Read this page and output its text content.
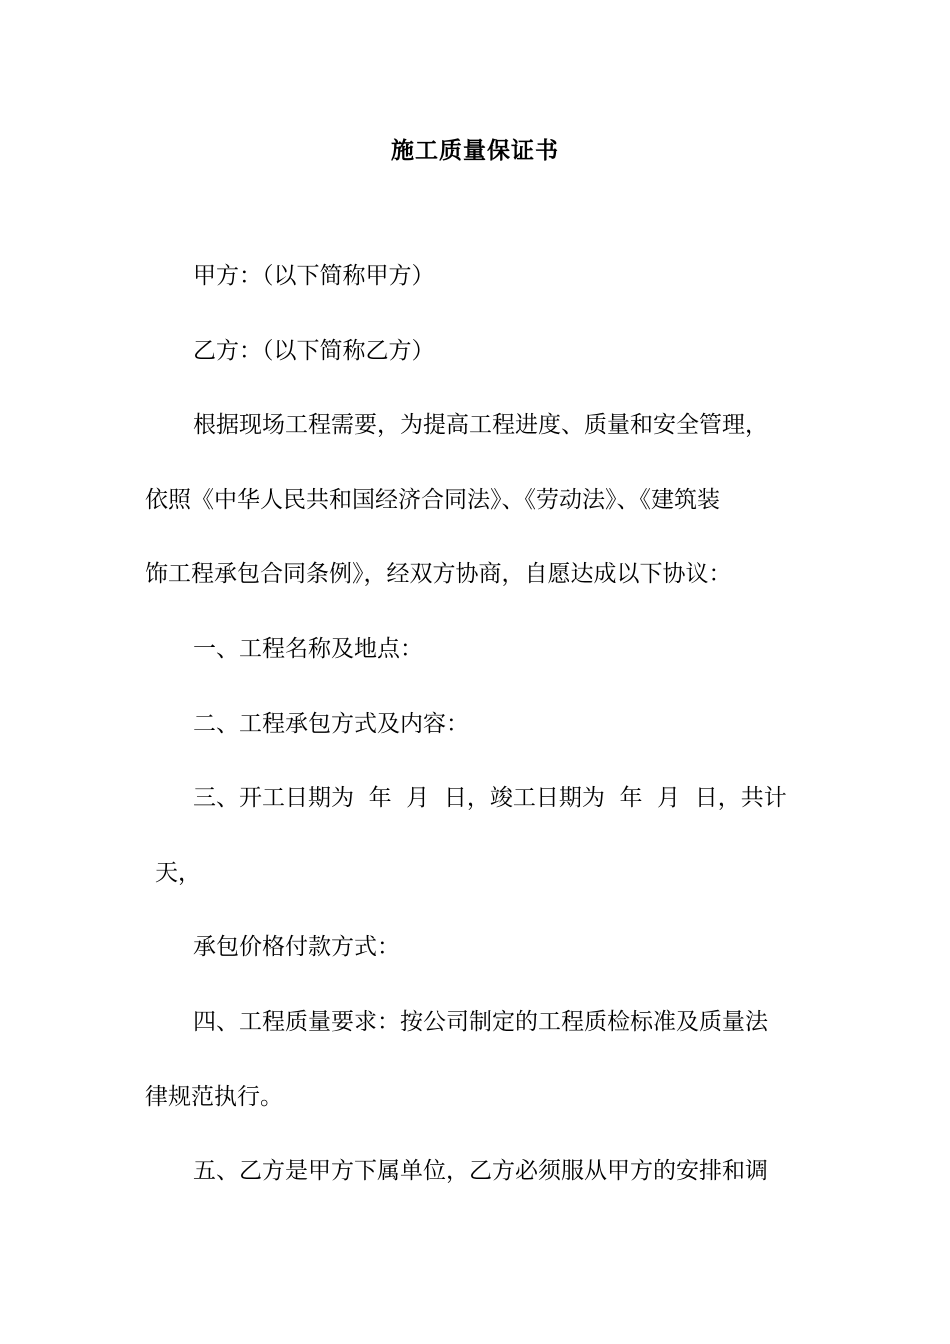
施工质量保证书
甲方：（以下简称甲方）
乙方：（以下简称乙方）
根据现场工程需要，为提高工程进度、质量和安全管理，
依照《中华人民共和国经济合同法》、《劳动法》、《建筑装
饰工程承包合同条例》，经双方协商，自愿达成以下协议：
一、工程名称及地点：
二、工程承包方式及内容：
三、开工日期为  年  月  日，竣工日期为  年  月  日，共计
天，
承包价格付款方式：
四、工程质量要求：按公司制定的工程质检标准及质量法
律规范执行。
五、乙方是甲方下属单位，乙方必须服从甲方的安排和调
